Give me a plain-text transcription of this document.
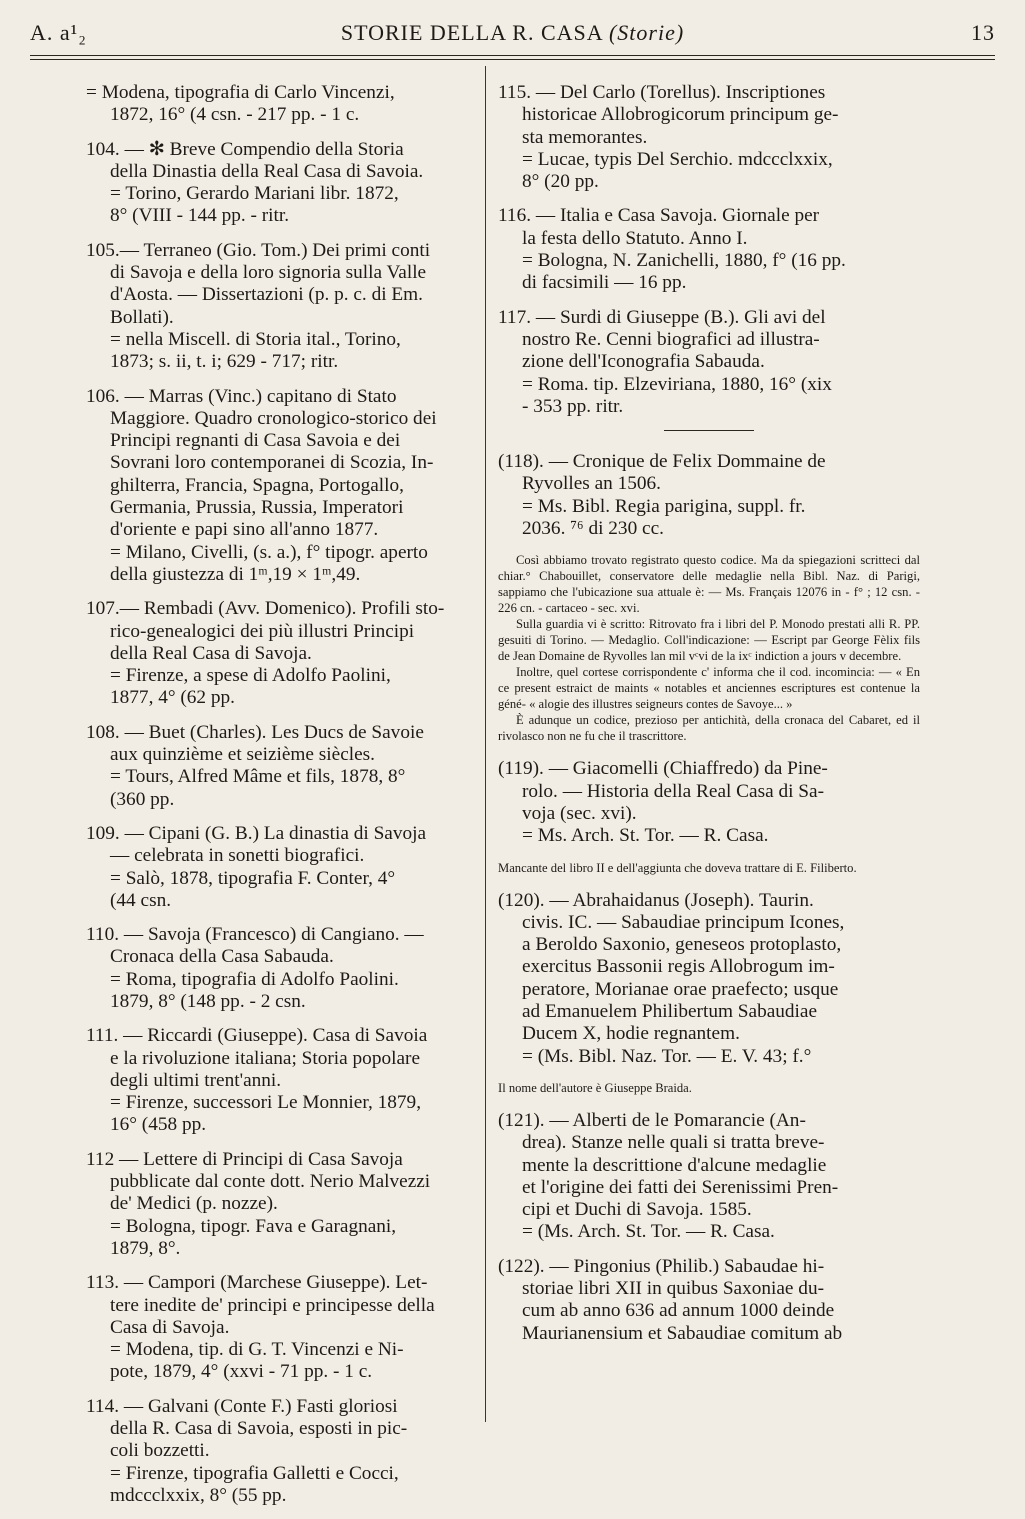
A. a¹₂	STORIE DELLA R. CASA (Storie)	13

= Modena, tipografia di Carlo Vincenzi,

1872, 16° (4 csn. - 217 pp. - 1 c.

104. — ✻ Breve Compendio della Storia

della Dinastia della Real Casa di Savoia.

= Torino, Gerardo Mariani libr. 1872,

8° (VIII - 144 pp. - ritr.

105.— Terraneo (Gio. Tom.) Dei primi conti

di Savoja e della loro signoria sulla Valle

d'Aosta. — Dissertazioni (p. p. c. di Em.

Bollati).

= nella Miscell. di Storia ital., Torino,

1873; s. ii, t. i; 629 - 717; ritr.

106. — Marras (Vinc.) capitano di Stato

Maggiore. Quadro cronologico-storico dei

Principi regnanti di Casa Savoia e dei

Sovrani loro contemporanei di Scozia, In-

ghilterra, Francia, Spagna, Portogallo,

Germania, Prussia, Russia, Imperatori

d'oriente e papi sino all'anno 1877.

= Milano, Civelli, (s. a.), f° tipogr. aperto

della giustezza di 1ᵐ,19 × 1ᵐ,49.

107.— Rembadi (Avv. Domenico). Profili sto-

rico-genealogici dei più illustri Principi

della Real Casa di Savoja.

= Firenze, a spese di Adolfo Paolini,

1877, 4° (62 pp.

108. — Buet (Charles). Les Ducs de Savoie

aux quinzième et seizième siècles.

= Tours, Alfred Mâme et fils, 1878, 8°

(360 pp.

109. — Cipani (G. B.) La dinastia di Savoja

— celebrata in sonetti biografici.

= Salò, 1878, tipografia F. Conter, 4°

(44 csn.

110. — Savoja (Francesco) di Cangiano. —

Cronaca della Casa Sabauda.

= Roma, tipografia di Adolfo Paolini.

1879, 8° (148 pp. - 2 csn.

111. — Riccardi (Giuseppe). Casa di Savoia

e la rivoluzione italiana; Storia popolare

degli ultimi trent'anni.

= Firenze, successori Le Monnier, 1879,

16° (458 pp.

112 — Lettere di Principi di Casa Savoja

pubblicate dal conte dott. Nerio Malvezzi

de' Medici (p. nozze).

= Bologna, tipogr. Fava e Garagnani,

1879, 8°.

113. — Campori (Marchese Giuseppe). Let-

tere inedite de' principi e principesse della

Casa di Savoja.

= Modena, tip. di G. T. Vincenzi e Ni-

pote, 1879, 4° (xxvi - 71 pp. - 1 c.

114. — Galvani (Conte F.) Fasti gloriosi

della R. Casa di Savoia, esposti in pic-

coli bozzetti.

= Firenze, tipografia Galletti e Cocci,

mdccclxxix, 8° (55 pp.

115. — Del Carlo (Torellus). Inscriptiones

historicae Allobrogicorum principum ge-

sta memorantes.

= Lucae, typis Del Serchio. mdccclxxix,

8° (20 pp.

116. — Italia e Casa Savoja. Giornale per

la festa dello Statuto. Anno I.

= Bologna, N. Zanichelli, 1880, f° (16 pp.

di facsimili — 16 pp.

117. — Surdi di Giuseppe (B.). Gli avi del

nostro Re. Cenni biografici ad illustra-

zione dell'Iconografia Sabauda.

= Roma. tip. Elzeviriana, 1880, 16° (xix

- 353 pp. ritr.

(118). — Cronique de Felix Dommaine de

Ryvolles an 1506.

= Ms. Bibl. Regia parigina, suppl. fr.

2036. ⁷⁶ di 230 cc.

Così abbiamo trovato registrato questo codice. Ma da spiegazioni scritteci dal chiar.° Chabouillet, conservatore delle medaglie nella Bibl. Naz. di Parigi, sappiamo che l'ubicazione sua attuale è: — Ms. Français 12076 in - f° ; 12 csn. - 226 cn. - cartaceo - sec. xvi.

Sulla guardia vi è scritto: Ritrovato fra i libri del P. Monodo prestati alli R. PP. gesuiti di Torino. — Medaglio. Coll'indicazione: — Escript par George Fèlix fils de Jean Domaine de Ryvolles lan mil vᶜvi de la ixᶜ indiction a jours v decembre.

Inoltre, quel cortese corrispondente c' informa che il cod. incomincia: — « En ce present estraict de maints « notables et anciennes escriptures est contenue la géné- « alogie des illustres seigneurs contes de Savoye... »

È adunque un codice, prezioso per antichità, della cronaca del Cabaret, ed il rivolasco non ne fu che il trascrittore.

(119). — Giacomelli (Chiaffredo) da Pine-

rolo. — Historia della Real Casa di Sa-

voja (sec. xvi).

= Ms. Arch. St. Tor. — R. Casa.

Mancante del libro II e dell'aggiunta che doveva trattare di E. Filiberto.

(120). — Abrahaidanus (Joseph). Taurin.

civis. IC. — Sabaudiae principum Icones,

a Beroldo Saxonio, geneseos protoplasto,

exercitus Bassonii regis Allobrogum im-

peratore, Morianae orae praefecto; usque

ad Emanuelem Philibertum Sabaudiae

Ducem X, hodie regnantem.

= (Ms. Bibl. Naz. Tor. — E. V. 43; f.°

Il nome dell'autore è Giuseppe Braida.

(121). — Alberti de le Pomarancie (An-

drea). Stanze nelle quali si tratta breve-

mente la descrittione d'alcune medaglie

et l'origine dei fatti dei Serenissimi Pren-

cipi et Duchi di Savoja. 1585.

= (Ms. Arch. St. Tor. — R. Casa.

(122). — Pingonius (Philib.) Sabaudae hi-

storiae libri XII in quibus Saxoniae du-

cum ab anno 636 ad annum 1000 deinde

Maurianensium et Sabaudiae comitum ab
